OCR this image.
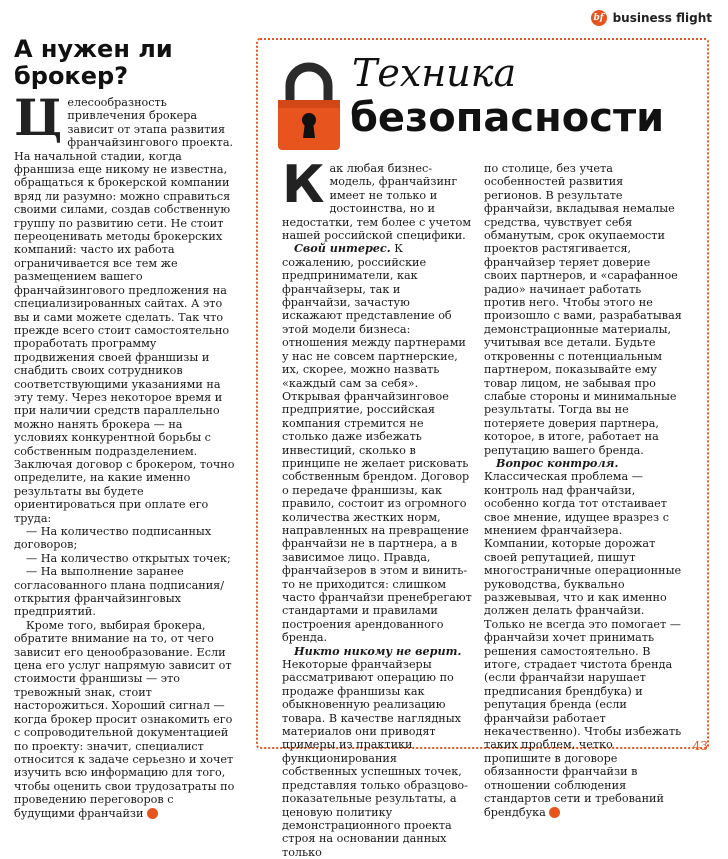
bf business flight
А нужен ли брокер?

Целесообразность привлечения брокера зависит от этапа развития франчайзингового проекта. На начальной стадии, когда франшиза еще никому не известна, обращаться к брокерской компании вряд ли разумно: можно справиться своими силами, создав собственную группу по развитию сети. Не стоит переоценивать методы брокерских компаний: часто их работа ограничивается все тем же размещением вашего франчайзингового предложения на специализированных сайтах. А это вы и сами можете сделать. Так что прежде всего стоит самостоятельно проработать программу продвижения своей франшизы и снабдить своих сотрудников соответствующими указаниями на эту тему. Через некоторое время и при наличии средств параллельно можно нанять брокера — на условиях конкурентной борьбы с собственным подразделением. Заключая договор с брокером, точно определите, на какие именно результаты вы будете ориентироваться при оплате его труда:

— На количество подписанных договоров;

— На количество открытых точек;

— На выполнение заранее согласованного плана подписания/открытия франчайзинговых предприятий.

Кроме того, выбирая брокера, обратите внимание на то, от чего зависит его ценообразование. Если цена его услуг напрямую зависит от стоимости франшизы — это тревожный знак, стоит насторожиться. Хороший сигнал — когда брокер просит ознакомить его с сопроводительной документацией по проекту: значит, специалист относится к задаче серьезно и хочет изучить всю информацию для того, чтобы оценить свои трудозатраты по проведению переговоров с будущими франчайзи

Техника
безопасности

Как любая бизнес-модель, франчайзинг имеет не только и достоинства, но и недостатки, тем более с учетом нашей российской специфики.

Свой интерес. К сожалению, российские предприниматели, как франчайзеры, так и франчайзи, зачастую искажают представление об этой модели бизнеса: отношения между партнерами у нас не совсем партнерские, их, скорее, можно назвать «каждый сам за себя». Открывая франчайзинговое предприятие, российская компания стремится не столько даже избежать инвестиций, сколько в принципе не желает рисковать собственным брендом. Договор о передаче франшизы, как правило, состоит из огромного количества жестких норм, направленных на превращение франчайзи не в партнера, а в зависимое лицо. Правда, франчайзеров в этом и винить-то не приходится: слишком часто франчайзи пренебрегают стандартами и правилами построения арендованного бренда.

Никто никому не верит. Некоторые франчайзеры рассматривают операцию по продаже франшизы как обыкновенную реализацию товара. В качестве наглядных материалов они приводят примеры из практики функционирования собственных успешных точек, представляя только образцово-показательные результаты, а ценовую политику демонстрационного проекта строя на основании данных только

по столице, без учета особенностей развития регионов. В результате франчайзи, вкладывая немалые средства, чувствует себя обманутым, срок окупаемости проектов растягивается, франчайзер теряет доверие своих партнеров, и «сарафанное радио» начинает работать против него. Чтобы этого не произошло с вами, разрабатывая демонстрационные материалы, учитывая все детали. Будьте откровенны с потенциальным партнером, показывайте ему товар лицом, не забывая про слабые стороны и минимальные результаты. Тогда вы не потеряете доверия партнера, которое, в итоге, работает на репутацию вашего бренда.

Вопрос контроля. Классическая проблема — контроль над франчайзи, особенно когда тот отстаивает свое мнение, идущее вразрез с мнением франчайзера. Компании, которые дорожат своей репутацией, пишут многостраничные операционные руководства, буквально разжевывая, что и как именно должен делать франчайзи. Только не всегда это помогает — франчайзи хочет принимать решения самостоятельно. В итоге, страдает чистота бренда (если франчайзи нарушает предписания брендбука) и репутация бренда (если франчайзи работает некачественно). Чтобы избежать таких проблем, четко пропишите в договоре обязанности франчайзи в отношении соблюдения стандартов сети и требований брендбука

43
